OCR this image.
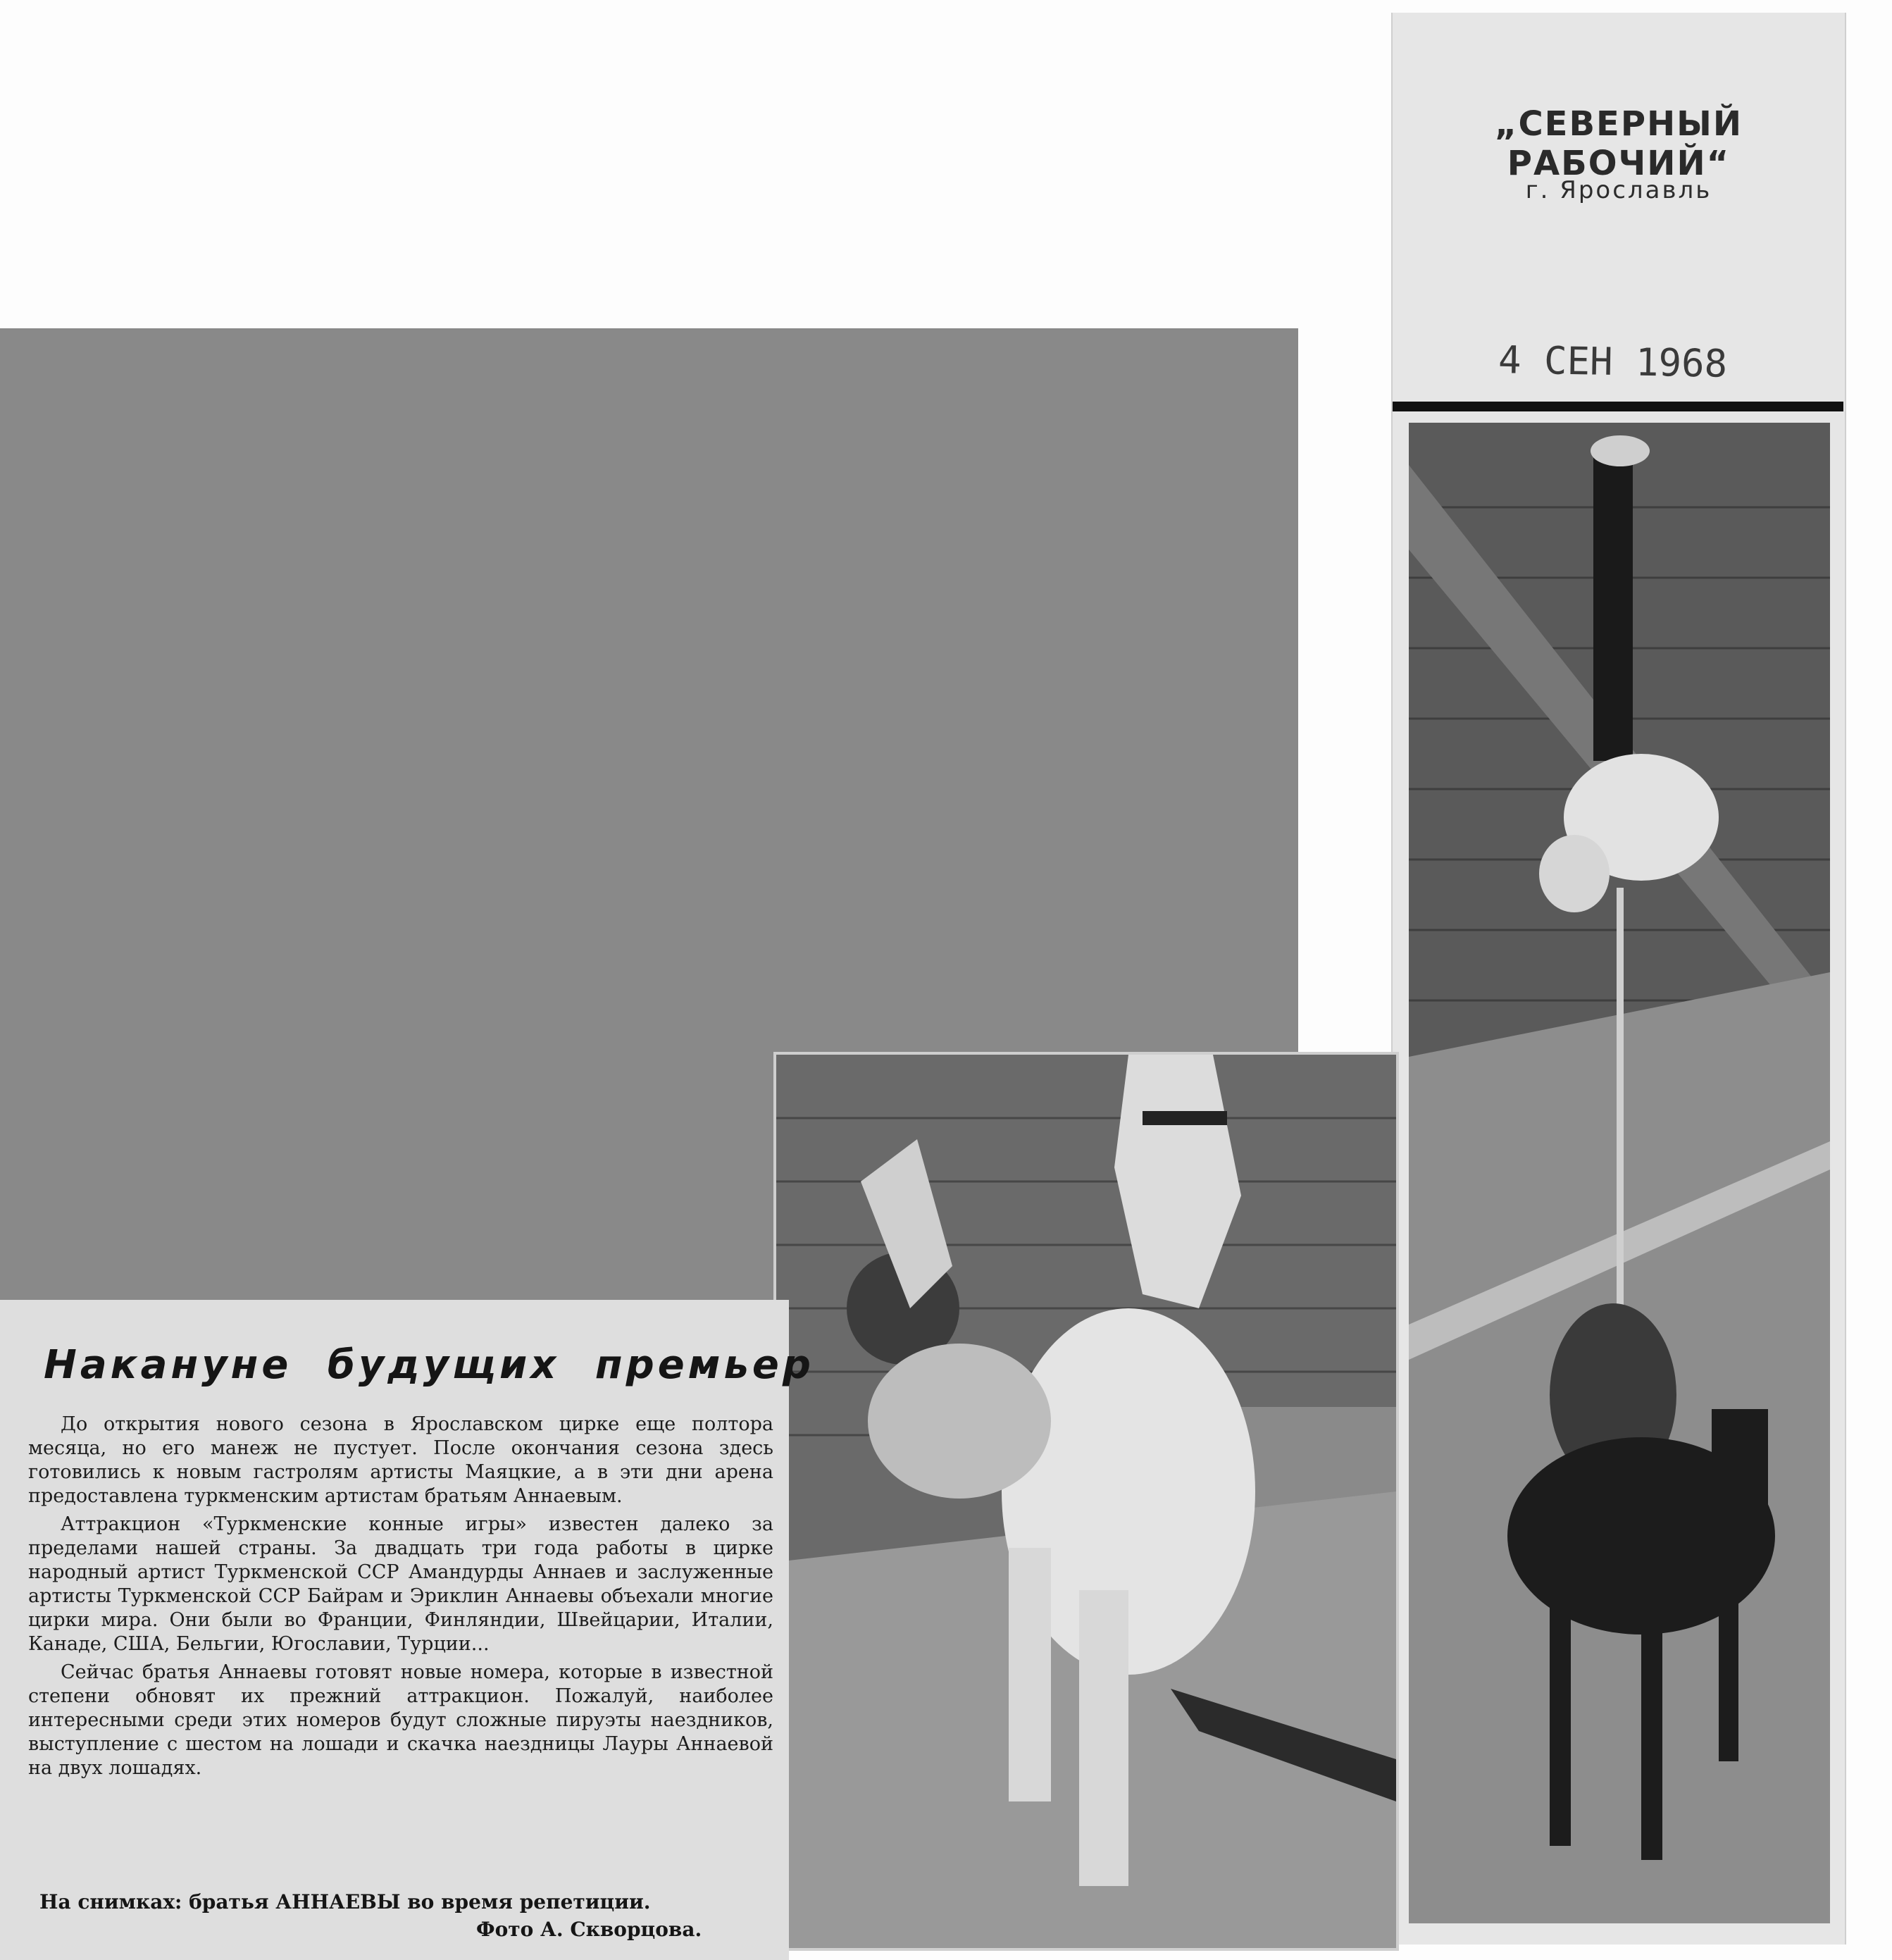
„СЕВЕРНЫЙ РАБОЧИЙ“
г. Ярославль
4 СЕН 1968
Накануне будущих премьер

До открытия нового сезона в Ярославском цирке еще полтора месяца, но его манеж не пустует. После окончания сезона здесь готовились к новым гастролям артисты Маяцкие, а в эти дни арена предоставлена туркменским артистам братьям Аннаевым.

Аттракцион «Туркменские конные игры» известен далеко за пределами нашей страны. За двадцать три года работы в цирке народный артист Туркменской ССР Амандурды Аннаев и заслуженные артисты Туркменской ССР Байрам и Эриклин Аннаевы объехали многие цирки мира. Они были во Франции, Финляндии, Швейцарии, Италии, Канаде, США, Бельгии, Югославии, Турции...

Сейчас братья Аннаевы готовят новые номера, которые в известной степени обновят их прежний аттракцион. Пожалуй, наиболее интересными среди этих номеров будут сложные пируэты наездников, выступление с шестом на лошади и скачка наездницы Лауры Аннаевой на двух лошадях.

На снимках: братья АННАЕВЫ во время репетиции.
Фото А. Скворцова.
